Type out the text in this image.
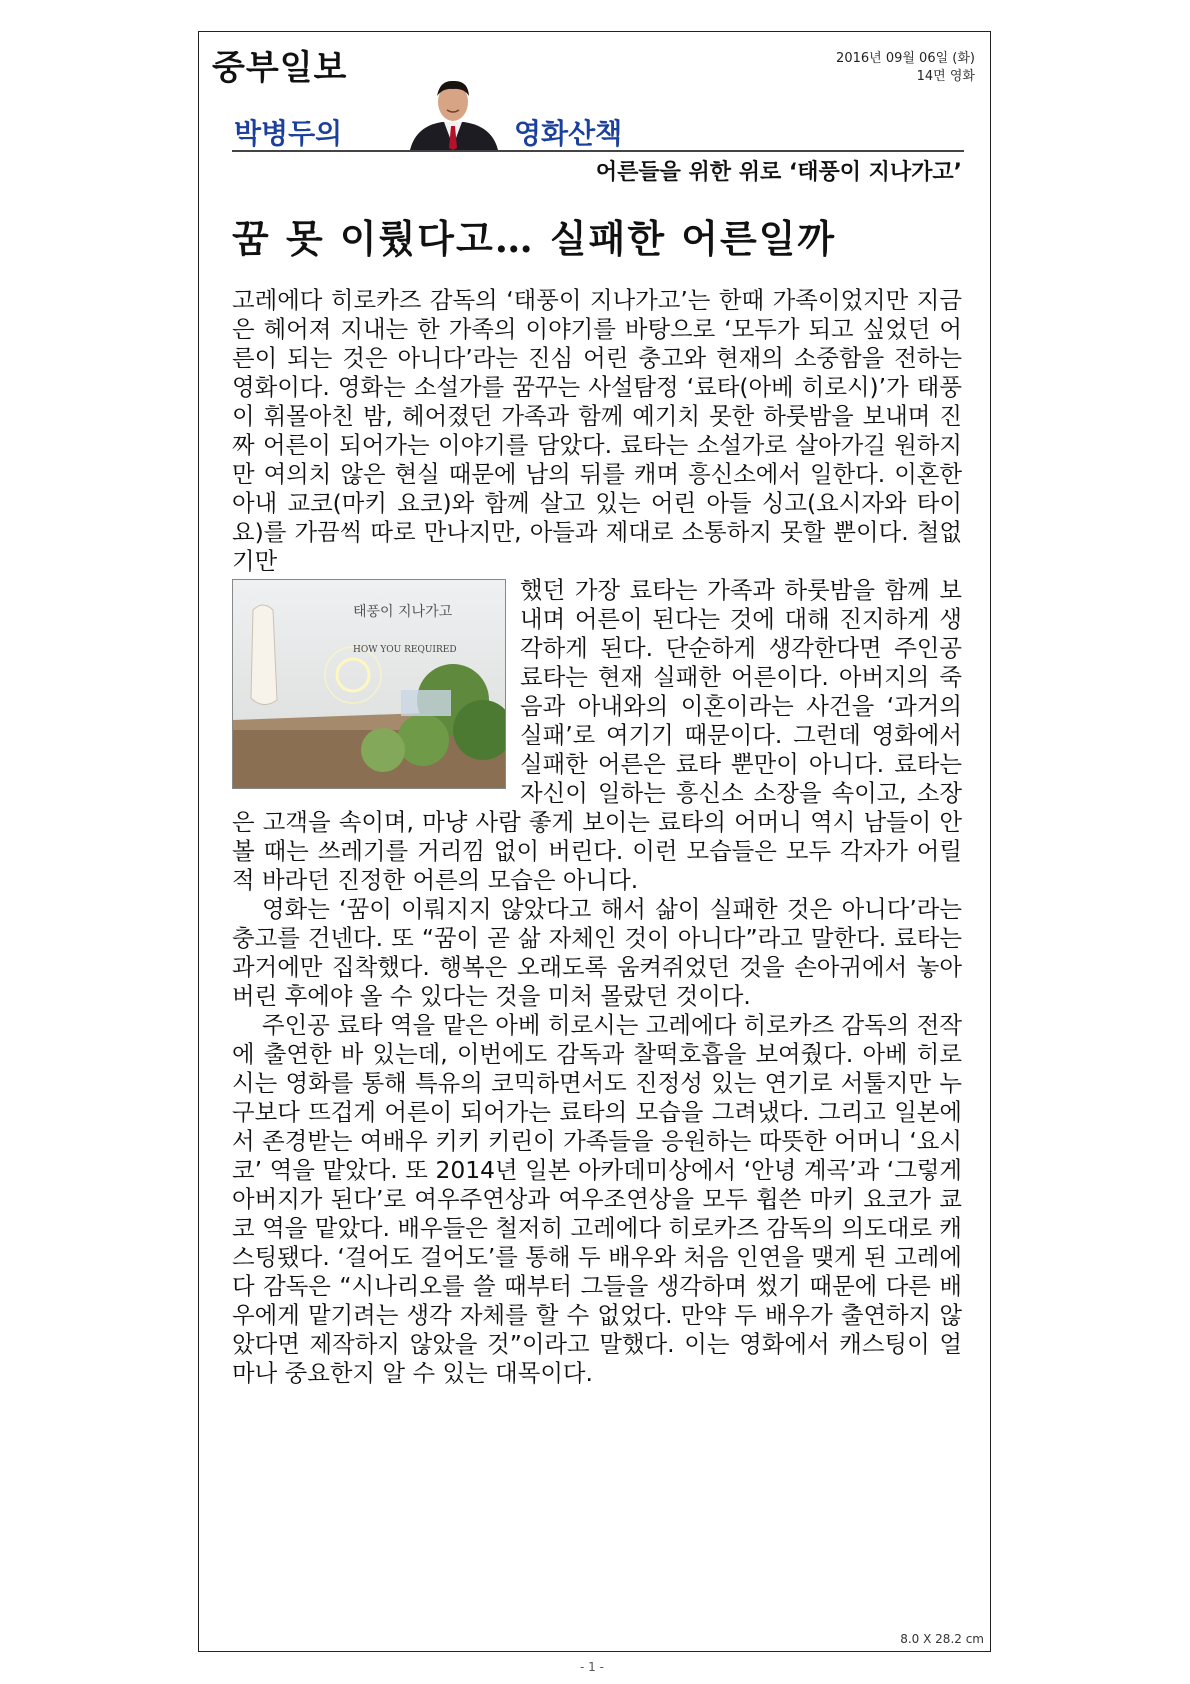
중부일보	2016년 09월 06일 (화)
14면 영화
박병두의	영화산책
어른들을 위한 위로 ‘태풍이 지나가고’
꿈 못 이뤘다고… 실패한 어른일까

고레에다 히로카즈 감독의 ‘태풍이 지나가고’는 한때 가족이었지만 지금은 헤어져 지내는 한 가족의 이야기를 바탕으로 ‘모두가 되고 싶었던 어른이 되는 것은 아니다’라는 진심 어린 충고와 현재의 소중함을 전하는 영화이다. 영화는 소설가를 꿈꾸는 사설탐정 ‘료타(아베 히로시)’가 태풍이 휘몰아친 밤, 헤어졌던 가족과 함께 예기치 못한 하룻밤을 보내며 진짜 어른이 되어가는 이야기를 담았다. 료타는 소설가로 살아가길 원하지만 여의치 않은 현실 때문에 남의 뒤를 캐며 흥신소에서 일한다. 이혼한 아내 교코(마키 요코)와 함께 살고 있는 어린 아들 싱고(요시자와 타이요)를 가끔씩 따로 만나지만, 아들과 제대로 소통하지 못할 뿐이다. 철없기만

태풍이 지나가고
HOW YOU REQUIRED

했던 가장 료타는 가족과 하룻밤을 함께 보내며 어른이 된다는 것에 대해 진지하게 생각하게 된다. 단순하게 생각한다면 주인공 료타는 현재 실패한 어른이다. 아버지의 죽음과 아내와의 이혼이라는 사건을 ‘과거의 실패’로 여기기 때문이다. 그런데 영화에서 실패한 어른은 료타 뿐만이 아니다. 료타는 자신이 일하는 흥신소 소장을 속이고, 소장은 고객을 속이며, 마냥 사람 좋게 보이는 료타의 어머니 역시 남들이 안 볼 때는 쓰레기를 거리낌 없이 버린다. 이런 모습들은 모두 각자가 어릴 적 바라던 진정한 어른의 모습은 아니다.

영화는 ‘꿈이 이뤄지지 않았다고 해서 삶이 실패한 것은 아니다’라는 충고를 건넨다. 또 “꿈이 곧 삶 자체인 것이 아니다”라고 말한다. 료타는 과거에만 집착했다. 행복은 오래도록 움켜쥐었던 것을 손아귀에서 놓아버린 후에야 올 수 있다는 것을 미처 몰랐던 것이다.

주인공 료타 역을 맡은 아베 히로시는 고레에다 히로카즈 감독의 전작에 출연한 바 있는데, 이번에도 감독과 찰떡호흡을 보여줬다. 아베 히로시는 영화를 통해 특유의 코믹하면서도 진정성 있는 연기로 서툴지만 누구보다 뜨겁게 어른이 되어가는 료타의 모습을 그려냈다. 그리고 일본에서 존경받는 여배우 키키 키린이 가족들을 응원하는 따뜻한 어머니 ‘요시코’ 역을 맡았다. 또 2014년 일본 아카데미상에서 ‘안녕 계곡’과 ‘그렇게 아버지가 된다’로 여우주연상과 여우조연상을 모두 휩쓴 마키 요코가 쿄코 역을 맡았다. 배우들은 철저히 고레에다 히로카즈 감독의 의도대로 캐스팅됐다. ‘걸어도 걸어도’를 통해 두 배우와 처음 인연을 맺게 된 고레에다 감독은 “시나리오를 쓸 때부터 그들을 생각하며 썼기 때문에 다른 배우에게 맡기려는 생각 자체를 할 수 없었다. 만약 두 배우가 출연하지 않았다면 제작하지 않았을 것”이라고 말했다. 이는 영화에서 캐스팅이 얼마나 중요한지 알 수 있는 대목이다.

8.0 X 28.2 cm
- 1 -
